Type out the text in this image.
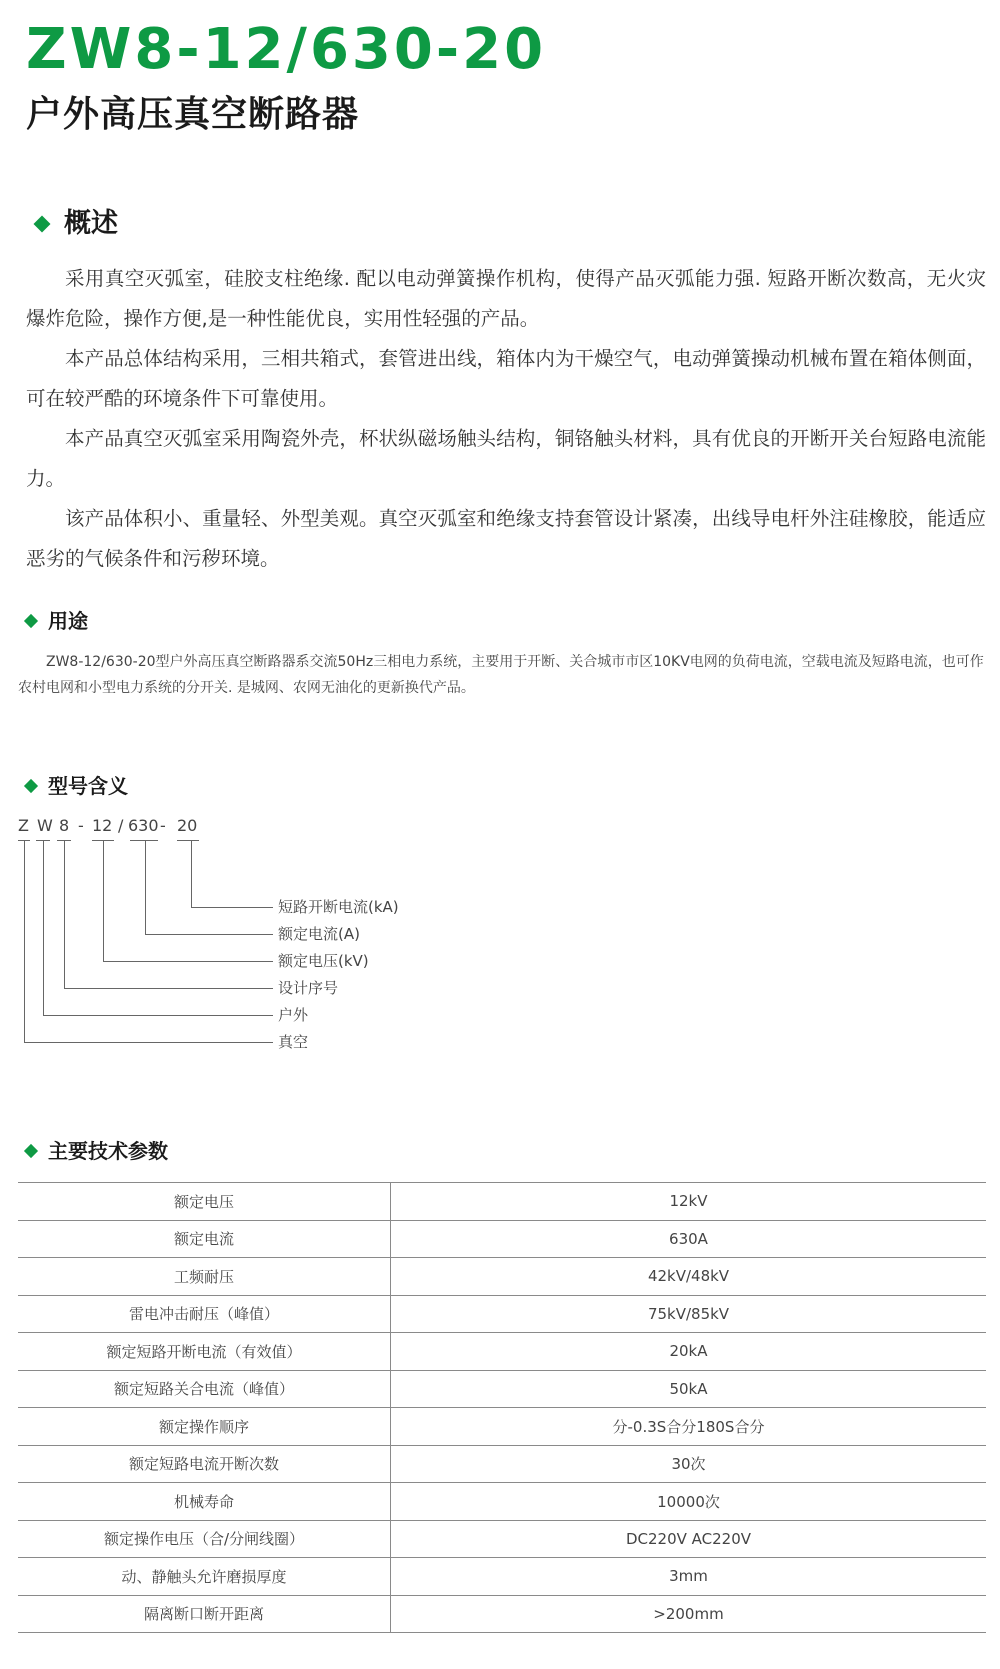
ZW8-12/630-20
户外高压真空断路器
概述

采用真空灭弧室，硅胶支柱绝缘. 配以电动弹簧操作机构，使得产品灭弧能力强. 短路开断次数高，无火灾爆炸危险，操作方便,是一种性能优良，实用性轻强的产品。

本产品总体结构采用，三相共箱式，套管进出线，箱体内为干燥空气，电动弹簧操动机械布置在箱体侧面，可在较严酷的环境条件下可靠使用。

本产品真空灭弧室采用陶瓷外壳，杯状纵磁场触头结构，铜铬触头材料，具有优良的开断开关台短路电流能力。

该产品体积小、重量轻、外型美观。真空灭弧室和绝缘支持套管设计紧凑，出线导电杆外注硅橡胶，能适应恶劣的气候条件和污秽环境。

用途

ZW8-12/630-20型户外高压真空断路器系交流50Hz三相电力系统，主要用于开断、关合城市市区10KV电网的负荷电流，空载电流及短路电流，也可作农村电网和小型电力系统的分开关. 是城网、农网无油化的更新换代产品。

型号含义
Z W 8 - 12 / 630 - 20
短路开断电流(kA)
额定电流(A)
额定电压(kV)
设计序号
户外
真空
主要技术参数
额定电压	12kV
额定电流	630A
工频耐压	42kV/48kV
雷电冲击耐压（峰值）	75kV/85kV
额定短路开断电流（有效值）	20kA
额定短路关合电流（峰值）	50kA
额定操作顺序	分-0.3S合分180S合分
额定短路电流开断次数	30次
机械寿命	10000次
额定操作电压（合/分闸线圈）	DC220V AC220V
动、静触头允许磨损厚度	3mm
隔离断口断开距离	>200mm
